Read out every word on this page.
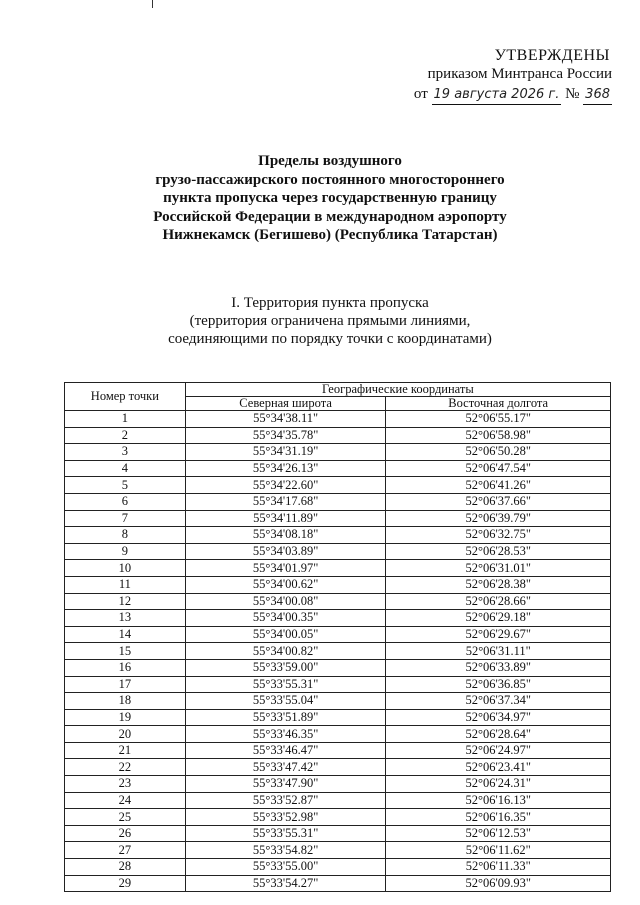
УТВЕРЖДЕНЫ
приказом Минтранса России
от 19 августа 2026 г. № 368
Пределы воздушного
грузо-пассажирского постоянного многостороннего
пункта пропуска через государственную границу
Российской Федерации в международном аэропорту
Нижнекамск (Бегишево) (Республика Татарстан)
I. Территория пункта пропуска
(территория ограничена прямыми линиями,
соединяющими по порядку точки с координатами)
Номер точки	Географические координаты	
	Северная широта	Восточная долгота
1	55°34'38.11"	52°06'55.17"
2	55°34'35.78"	52°06'58.98"
3	55°34'31.19"	52°06'50.28"
4	55°34'26.13"	52°06'47.54"
5	55°34'22.60"	52°06'41.26"
6	55°34'17.68"	52°06'37.66"
7	55°34'11.89"	52°06'39.79"
8	55°34'08.18"	52°06'32.75"
9	55°34'03.89"	52°06'28.53"
10	55°34'01.97"	52°06'31.01"
11	55°34'00.62"	52°06'28.38"
12	55°34'00.08"	52°06'28.66"
13	55°34'00.35"	52°06'29.18"
14	55°34'00.05"	52°06'29.67"
15	55°34'00.82"	52°06'31.11"
16	55°33'59.00"	52°06'33.89"
17	55°33'55.31"	52°06'36.85"
18	55°33'55.04"	52°06'37.34"
19	55°33'51.89"	52°06'34.97"
20	55°33'46.35"	52°06'28.64"
21	55°33'46.47"	52°06'24.97"
22	55°33'47.42"	52°06'23.41"
23	55°33'47.90"	52°06'24.31"
24	55°33'52.87"	52°06'16.13"
25	55°33'52.98"	52°06'16.35"
26	55°33'55.31"	52°06'12.53"
27	55°33'54.82"	52°06'11.62"
28	55°33'55.00"	52°06'11.33"
29	55°33'54.27"	52°06'09.93"
